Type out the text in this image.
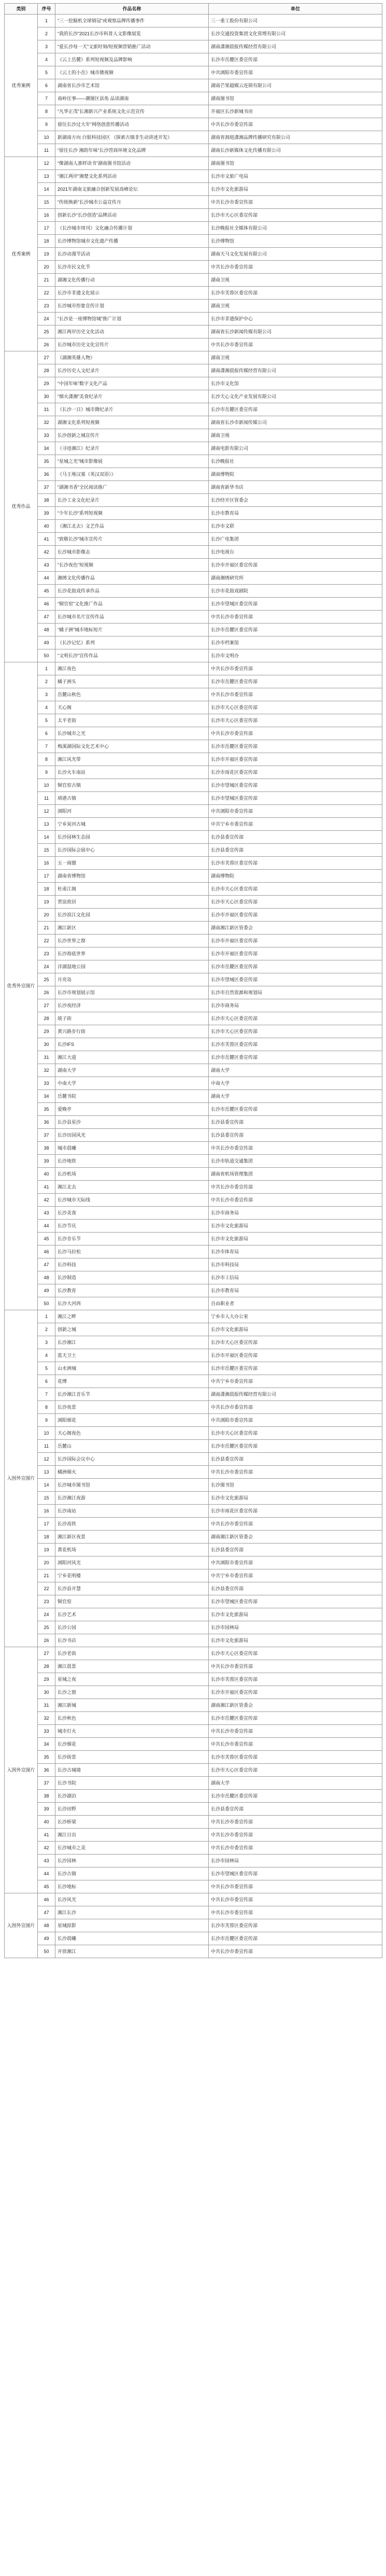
类别	序号	作品名称	单位
优秀案例	1	“三一挖掘机全球销冠”或观察品牌传播事件	三一重工股份有限公司
	2	“我的长沙”2021长沙市科普人文影像展览	长沙交通投资集团文化管理有限公司
	3	“爱长沙每一天”文旅时刻/短视频营销推广活动	湖南潇湘晨报传媒经营有限公司
	4	《云上岳麓》系列短视频及品牌影响	长沙市岳麓区委宣传部
	5	《云上的小岳》城市微视频	中共浏阳市委宣传部
	6	湖南省长沙市艺术馆	湖南芒果超媒云连锁有限公司
	7	南岭往事——潮图区县角 品读湖南	湖南图书馆
	8	“凡华正茂”长湘新兴产业系统文化示范宣传	开福区长沙新城书房
	9	留住长沙过大年“网络创意传播活动	中共长沙市委宣传部
	10	新湖南方向 白银科技园区 《探索古镇非生动讲述开发》	湖南省洞庭潇湘品牌传播研究有限公司
	11	“留住长沙 湘韵年味”长沙营商环境文化品牌	湖南长沙新媒体文化传播有限公司
优秀案例	12	“像湖南人那样读书”湖南图书馆活动	湖南图书馆
	13	“湘江两岸”湘楚文化系列活动	长沙市文旅广电局
	14	2021年湖南文旅融合创新发展高峰论坛	长沙市文化旅游局
	15	“传统焕新”长沙城市公益宣传月	中共长沙市委宣传部
	16	创新长沙“长沙创造”品牌活动	长沙市天心区委宣传部
	17	《长沙城市周刊》文化融合传播计划	长沙晚报社全媒体有限公司
	18	长沙博物馆城市文化遗产传播	长沙博物馆
	19	长沙动漫节活动	湖南天马文化发展有限公司
	20	长沙市民文化节	中共长沙市委宣传部
	21	湖湘文化传播行动	湖南卫视
	22	长沙市非遗文化展示	长沙市芙蓉区委宣传部
	23	长沙城市形象宣传计划	湖南卫视
	24	“长沙是一座博物馆城”推广计划	长沙市非遗保护中心
	25	湘江两岸历史文化活动	湖南省长沙新闻传媒有限公司
	26	长沙城市历史文化宣传片	中共长沙市委宣传部
优秀作品	27	《湖湘英雄人物》	湖南卫视
	28	长沙历史人文纪录片	湖南潇湘晨报传媒经营有限公司
	29	“中国年味”数字文化产品	长沙市文化馆
	30	“烟火潇湘”美食纪录片	长沙天心文化产业发展有限公司
	31	《长沙一日》城市微纪录片	长沙市岳麓区委宣传部
	32	湖湘文化系列短视频	湖南省长沙市新闻传媒公司
	33	长沙创新之城宣传片	湖南卫视
	34	《寻迹湘江》纪录片	湖南电影有限公司
	35	“星城之光”城市影像展	长沙晚报社
	36	《马王堆汉墓（英汉双语）》	湖南博物院
	37	“湖湘书香”全民阅读推广	湖南省新华书店
	38	长沙工业文化纪录片	长沙经开区管委会
	39	“少年长沙”系列短视频	长沙市教育局
	40	《湘江北去》文艺作品	长沙市文联
	41	“致敬长沙”城市宣传片	长沙广电集团
	42	长沙城市影像志	长沙电视台
	43	“长沙夜色”短视频	长沙市开福区委宣传部
	44	湘绣文化传播作品	湖南湘绣研究所
	45	长沙花鼓戏传承作品	长沙市花鼓戏剧院
	46	“铜官窑”文化推广作品	长沙市望城区委宣传部
	47	长沙城市名片宣传作品	中共长沙市委宣传部
	48	“橘子洲”城市地标短片	长沙市岳麓区委宣传部
	49	《长沙记忆》系列	长沙市档案馆
	50	“文明长沙”宣传作品	长沙市文明办
优秀外宣图片	1	湘江夜色	中共长沙市委宣传部
	2	橘子洲头	长沙市岳麓区委宣传部
	3	岳麓山秋色	中共长沙市委宣传部
	4	天心阁	长沙市天心区委宣传部
	5	太平老街	长沙市天心区委宣传部
	6	长沙城市之光	中共长沙市委宣传部
	7	梅溪湖国际文化艺术中心	长沙市岳麓区委宣传部
	8	湘江风光带	长沙市开福区委宣传部
	9	长沙火车南站	长沙市雨花区委宣传部
	10	铜官窑古镇	长沙市望城区委宣传部
	11	靖港古镇	长沙市望城区委宣传部
	12	浏阳河	中共浏阳市委宣传部
	13	宁乡炭河古城	中共宁乡市委宣传部
	14	长沙园林生态园	长沙县委宣传部
	15	长沙国际会展中心	长沙县委宣传部
	16	五一商圈	长沙市芙蓉区委宣传部
	17	湖南省博物馆	湖南博物院
	18	杜甫江阁	长沙市天心区委宣传部
	19	贾谊故居	长沙市天心区委宣传部
	20	长沙滨江文化园	长沙市开福区委宣传部
	21	湘江新区	湖南湘江新区管委会
	22	长沙世界之窗	长沙市开福区委宣传部
	23	长沙海底世界	长沙市开福区委宣传部
	24	洋湖湿地公园	长沙市岳麓区委宣传部
	25	月亮岛	长沙市望城区委宣传部
	26	长沙市规划展示馆	长沙市自然资源和规划局
	27	长沙夜经济	长沙市商务局
	28	坡子街	长沙市天心区委宣传部
	29	黄兴路步行街	长沙市天心区委宣传部
	30	长沙IFS	长沙市芙蓉区委宣传部
	31	湘江大道	长沙市岳麓区委宣传部
	32	湖南大学	湖南大学
	33	中南大学	中南大学
	34	岳麓书院	湖南大学
	35	爱晚亭	长沙市岳麓区委宣传部
	36	长沙县星沙	长沙县委宣传部
	37	长沙田园风光	长沙县委宣传部
	38	城市晨曦	中共长沙市委宣传部
	39	长沙地铁	长沙市轨道交通集团
	40	长沙机场	湖南省机场管理集团
	41	湘江北去	中共长沙市委宣传部
	42	长沙城市天际线	中共长沙市委宣传部
	43	长沙美食	长沙市商务局
	44	长沙节庆	长沙市文化旅游局
	45	长沙音乐节	长沙市文化旅游局
	46	长沙马拉松	长沙市体育局
	47	长沙科技	长沙市科技局
	48	长沙制造	长沙市工信局
	49	长沙教育	长沙市教育局
	50	长沙大河西	自由职业者
入围外宣图片	1	湘江之畔	宁乡市人大办公室
	2	创新之城	长沙市文化旅游局
	3	长沙湘江	长沙市天心区委宣传部
	4	蓝天卫士	长沙市开福区委宣传部
	5	山水洲城	长沙市岳麓区委宣传部
	6	花博	中共宁乡市委宣传部
	7	长沙湘江音乐节	湖南潇湘晨报传媒经营有限公司
	8	长沙夜景	中共长沙市委宣传部
	9	浏阳烟花	中共浏阳市委宣传部
	10	天心阁夜色	长沙市天心区委宣传部
	11	岳麓山	长沙市岳麓区委宣传部
	12	长沙国际会议中心	长沙县委宣传部
	13	橘洲烟火	中共长沙市委宣传部
	14	长沙城市图书馆	长沙图书馆
	15	长沙湘江夜游	长沙市文化旅游局
	16	长沙南站	长沙市雨花区委宣传部
	17	长沙高铁	中共长沙市委宣传部
	18	湘江新区夜景	湖南湘江新区管委会
	19	黄花机场	长沙县委宣传部
	20	浏阳河风光	中共浏阳市委宣传部
	21	宁乡花明楼	中共宁乡市委宣传部
	22	长沙县开慧	长沙县委宣传部
	23	铜官窑	长沙市望城区委宣传部
	24	长沙艺术	长沙市文化旅游局
	25	长沙公园	长沙市园林局
	26	长沙书店	长沙市文化旅游局
入围外宣图片	27	长沙老街	长沙市天心区委宣传部
	28	湘江晨景	中共长沙市委宣传部
	29	星城之夜	长沙市芙蓉区委宣传部
	30	长沙之窗	长沙市开福区委宣传部
	31	湘江新城	湖南湘江新区管委会
	32	长沙秋色	长沙市岳麓区委宣传部
	33	城市灯火	中共长沙市委宣传部
	34	长沙烟花	中共长沙市委宣传部
	35	长沙街景	长沙市芙蓉区委宣传部
	36	长沙古城墙	长沙市天心区委宣传部
	37	长沙书院	湖南大学
	38	长沙湖泊	长沙市岳麓区委宣传部
	39	长沙田野	长沙县委宣传部
	40	长沙桥梁	中共长沙市委宣传部
	41	湘江日出	中共长沙市委宣传部
	42	长沙城市之美	中共长沙市委宣传部
	43	长沙园林	长沙市园林局
	44	长沙古镇	长沙市望城区委宣传部
	45	长沙地标	中共长沙市委宣传部
入围外宣图片	46	长沙风光	中共长沙市委宣传部
	47	湘江长沙	中共长沙市委宣传部
	48	星城掠影	长沙市芙蓉区委宣传部
	49	长沙晨曦	长沙市岳麓区委宣传部
	50	开放湘江	中共长沙市委宣传部
